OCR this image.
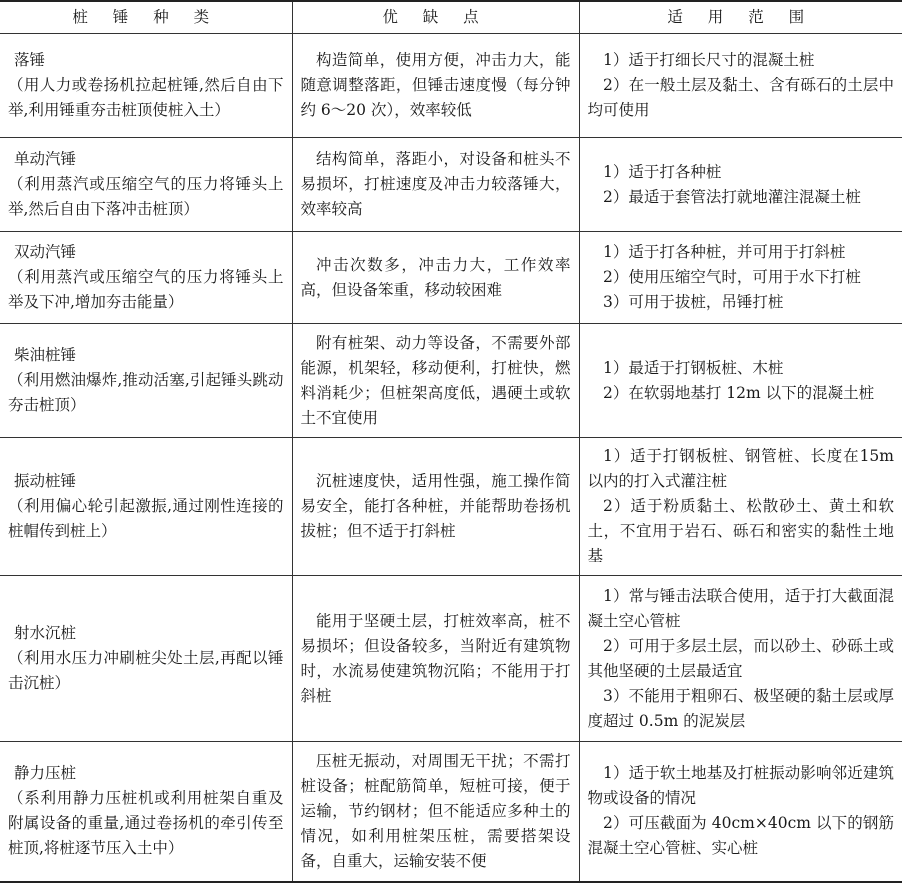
桩 锤 种 类	优 缺 点	适 用 范 围

落锤
（用人力或卷扬机拉起桩锤,然后自由下举,利用锤重夯击桩顶使桩入土）	构造简单，使用方便，冲击力大，能随意调整落距，但锤击速度慢（每分钟约 6～20 次），效率较低	1）适于打细长尺寸的混凝土桩
2）在一般土层及黏土、含有砾石的土层中均可使用

单动汽锤
（利用蒸汽或压缩空气的压力将锤头上举,然后自由下落冲击桩顶）	结构简单，落距小，对设备和桩头不易损坏，打桩速度及冲击力较落锤大，效率较高	1）适于打各种桩
2）最适于套管法打就地灌注混凝土桩

双动汽锤
（利用蒸汽或压缩空气的压力将锤头上举及下冲,增加夯击能量）	冲击次数多，冲击力大，工作效率高，但设备笨重，移动较困难	1）适于打各种桩，并可用于打斜桩
2）使用压缩空气时，可用于水下打桩
3）可用于拔桩，吊锤打桩

柴油桩锤
（利用燃油爆炸,推动活塞,引起锤头跳动夯击桩顶）	附有桩架、动力等设备，不需要外部能源，机架轻，移动便利，打桩快，燃料消耗少；但桩架高度低，遇硬土或软土不宜使用	1）最适于打钢板桩、木桩
2）在软弱地基打 12m 以下的混凝土桩

振动桩锤
（利用偏心轮引起激振,通过刚性连接的桩帽传到桩上）	沉桩速度快，适用性强，施工操作简易安全，能打各种桩，并能帮助卷扬机拔桩；但不适于打斜桩	1）适于打钢板桩、钢管桩、长度在15m 以内的打入式灌注桩
2）适于粉质黏土、松散砂土、黄土和软土，不宜用于岩石、砾石和密实的黏性土地基

射水沉桩
（利用水压力冲刷桩尖处土层,再配以锤击沉桩）	能用于坚硬土层，打桩效率高，桩不易损坏；但设备较多，当附近有建筑物时，水流易使建筑物沉陷；不能用于打斜桩	1）常与锤击法联合使用，适于打大截面混凝土空心管桩
2）可用于多层土层，而以砂土、砂砾土或其他坚硬的土层最适宜
3）不能用于粗卵石、极坚硬的黏土层或厚度超过 0.5m 的泥炭层

静力压桩
（系利用静力压桩机或利用桩架自重及附属设备的重量,通过卷扬机的牵引传至桩顶,将桩逐节压入土中）	压桩无振动，对周围无干扰；不需打桩设备；桩配筋简单，短桩可接，便于运输，节约钢材；但不能适应多种土的情况，如利用桩架压桩，需要搭架设备，自重大，运输安装不便	1）适于软土地基及打桩振动影响邻近建筑物或设备的情况
2）可压截面为 40cm×40cm 以下的钢筋混凝土空心管桩、实心桩
